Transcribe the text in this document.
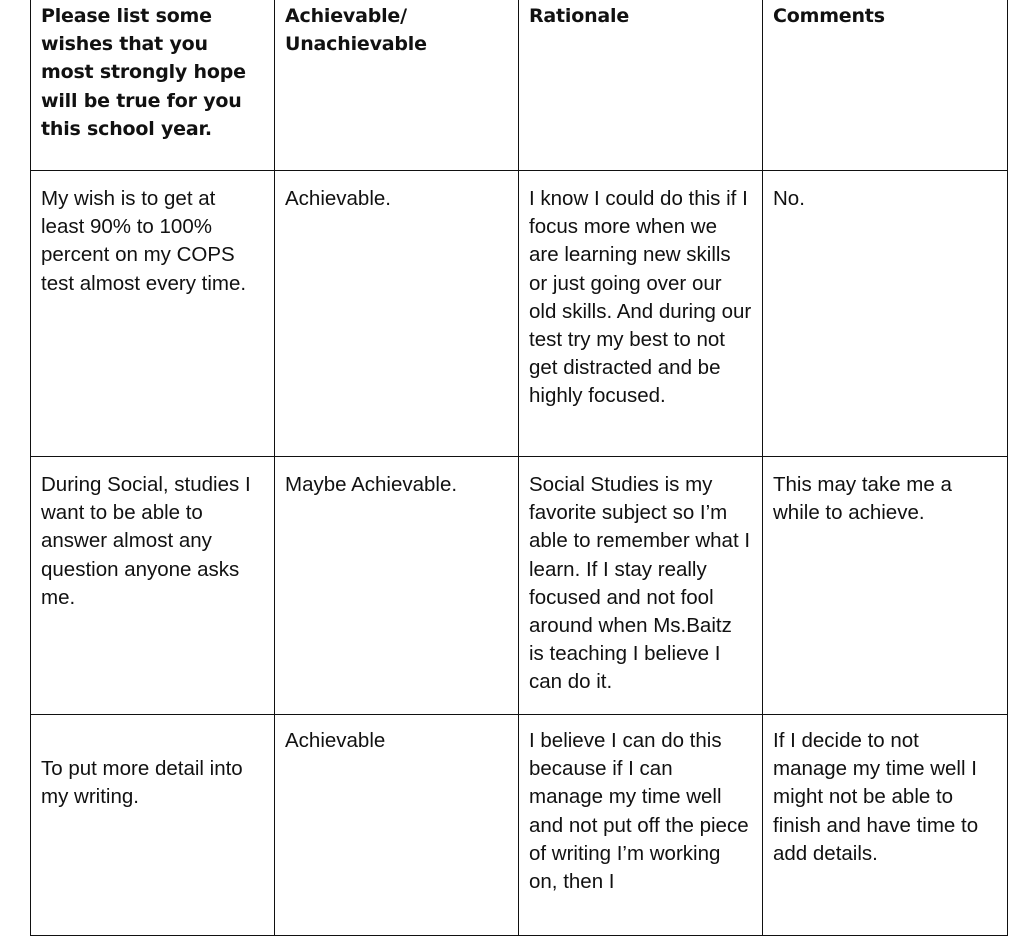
Please list some wishes that you most strongly hope will be true for you this school year.	Achievable/ Unachievable	Rationale	Comments
My wish is to get at least 90% to 100% percent on my COPS test almost every time.	Achievable.	I know I could do this if I focus more when we are learning new skills or just going over our old skills. And during our test try my best to not get distracted and be highly focused.	No.
During Social, studies I want to be able to answer almost any question anyone asks me.	Maybe Achievable.	Social Studies is my favorite subject so I’m able to remember what I learn. If I stay really focused and not fool around when Ms.Baitz is teaching I believe I can do it.	This may take me a while to achieve.

To put more detail into my writing.	Achievable	I believe I can do this because if I can manage my time well and not put off the piece of writing I’m working on, then I	If I decide to not manage my time well I might not be able to finish and have time to add details.
